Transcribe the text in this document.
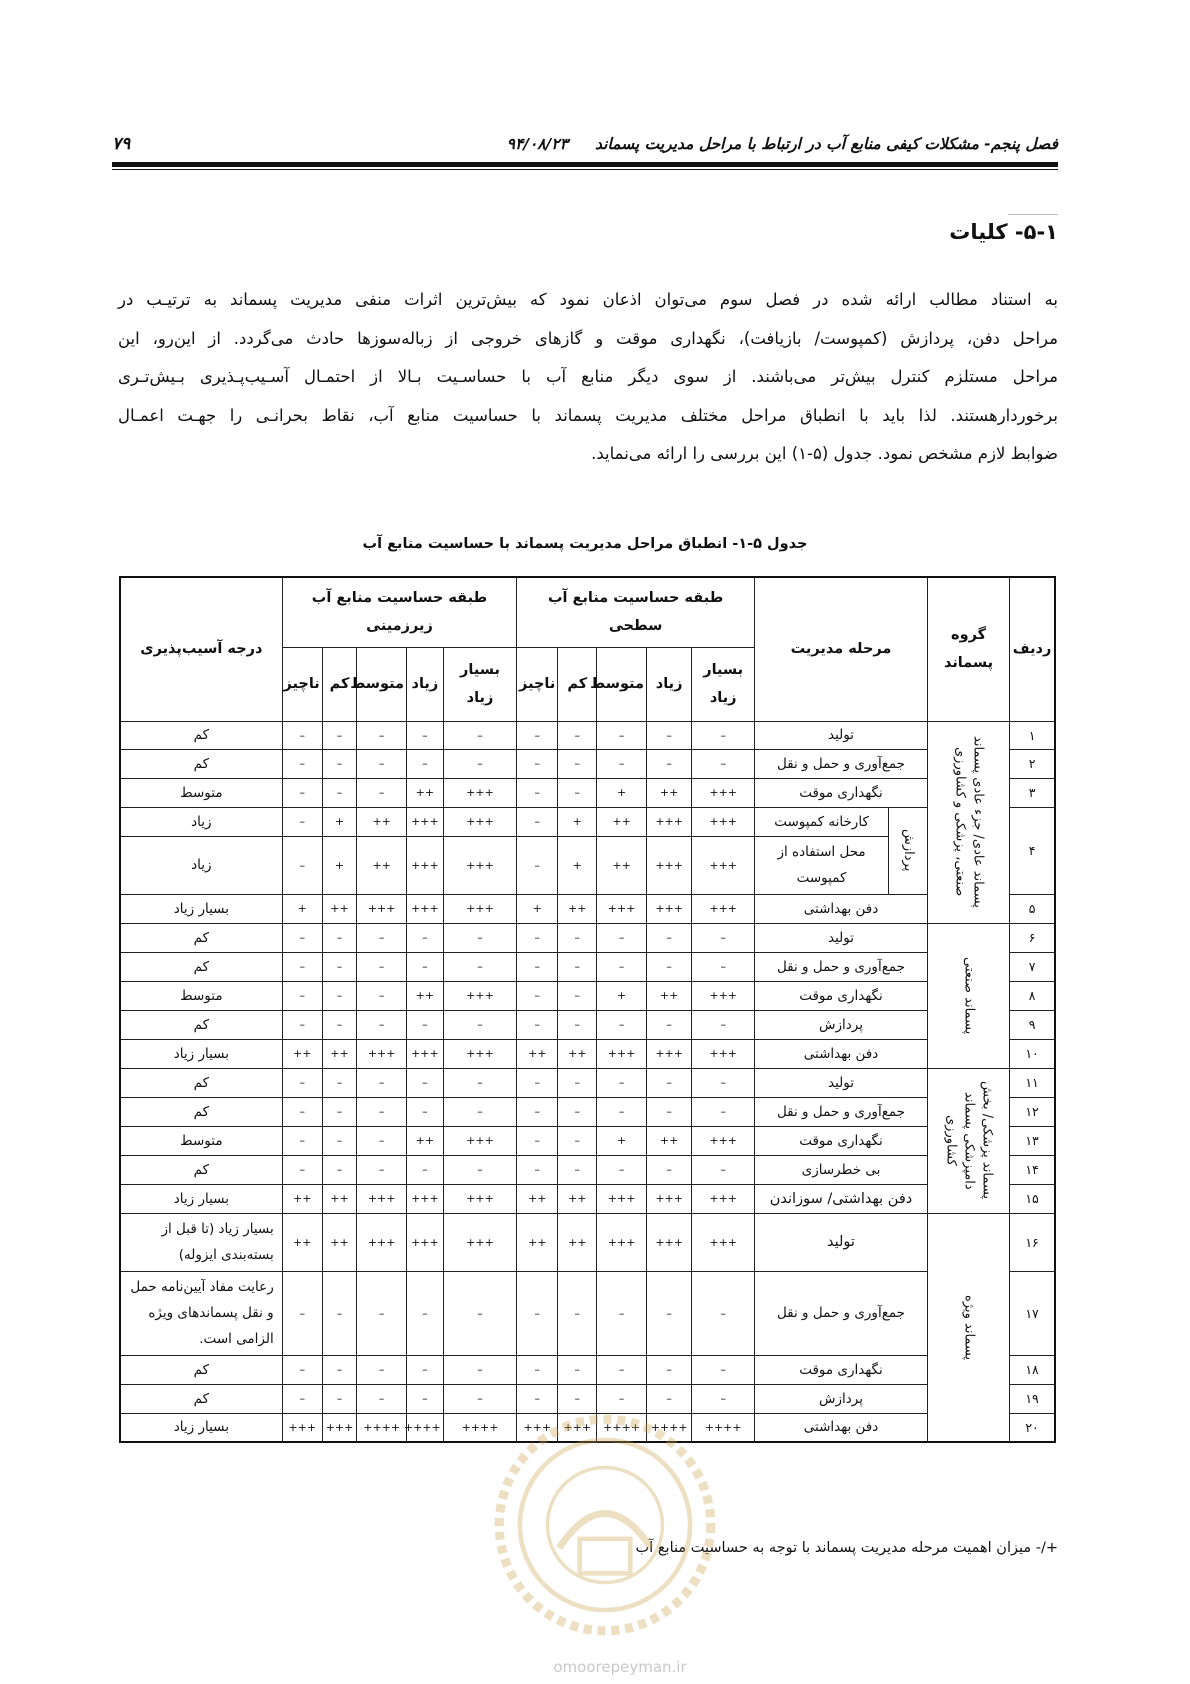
فصل پنجم- مشکلات کیفی منابع آب در ارتباط با مراحل مدیریت پسماند     ۹۴/۰۸/۲۳
۷۹
۵-۱- کلیات
به استناد مطالب ارائه شده در فصل سوم می‌توان اذعان نمود که بیش‌ترین اثرات منفی مدیریت پسماند به ترتیـب در
مراحل دفن، پردازش (کمپوست/ بازیافت)، نگهداری موقت و گازهای خروجی از زباله‌سوزها حادث می‌گردد. از این‌رو، این
مراحل مستلزم کنترل بیش‌تر می‌باشند. از سوی دیگر منابع آب با حساسـیت بـالا از احتمـال آسـیب‌پـذیری بـیش‌تـری
برخوردارهستند. لذا باید با انطباق مراحل مختلف مدیریت پسماند با حساسیت منابع آب، نقاط بحرانـی را جهـت اعمـال
ضوابط لازم مشخص نمود. جدول (۵-۱) این بررسی را ارائه می‌نماید.
جدول ۵-۱- انطباق مراحل مدیریت پسماند با حساسیت منابع آب
ردیف	گروه پسماند	مرحله مدیریت		طبقه حساسیت منابع آب سطحی					طبقه حساسیت منابع آب زیرزمینی					درجه آسیب‌پذیری
				بسیار زیاد	زیاد	متوسط	کم	ناچیز	بسیار زیاد	زیاد	متوسط	کم	ناچیز	
۱	پسماند عادی/ جزء عادی پسماند صنعتی، پزشکی و کشاورزی	تولید		–	–	–	–	–	–	–	–	–	–	کم
۲		جمع‌آوری و حمل و نقل		–	–	–	–	–	–	–	–	–	–	کم
۳		نگهداری موقت		+++	++	+	–	–	+++	++	–	–	–	متوسط
۴		پردازش	کارخانه کمپوست	+++	+++	++	+	–	+++	+++	++	+	–	زیاد
			محل استفاده از کمپوست	+++	+++	++	+	–	+++	+++	++	+	–	زیاد
۵		دفن بهداشتی		+++	+++	+++	++	+	+++	+++	+++	++	+	بسیار زیاد
۶	پسماند صنعتی	تولید		–	–	–	–	–	–	–	–	–	–	کم
۷		جمع‌آوری و حمل و نقل		–	–	–	–	–	–	–	–	–	–	کم
۸		نگهداری موقت		+++	++	+	–	–	+++	++	–	–	–	متوسط
۹		پردازش		–	–	–	–	–	–	–	–	–	–	کم
۱۰		دفن بهداشتی		+++	+++	+++	++	++	+++	+++	+++	++	++	بسیار زیاد
۱۱	پسماند پزشکی/ بخش دامپزشکی پسماند کشاورزی	تولید		–	–	–	–	–	–	–	–	–	–	کم
۱۲		جمع‌آوری و حمل و نقل		–	–	–	–	–	–	–	–	–	–	کم
۱۳		نگهداری موقت		+++	++	+	–	–	+++	++	–	–	–	متوسط
۱۴		بی خطرسازی		–	–	–	–	–	–	–	–	–	–	کم
۱۵		دفن بهداشتی/ سوزاندن		+++	+++	+++	++	++	+++	+++	+++	++	++	بسیار زیاد
۱۶	پسماند ویژه	تولید		+++	+++	+++	++	++	+++	+++	+++	++	++	بسیار زیاد (تا قبل از بسته‌بندی ایزوله)
۱۷		جمع‌آوری و حمل و نقل		–	–	–	–	–	–	–	–	–	–	رعایت مفاد آیین‌نامه حمل و نقل پسماندهای ویژه الزامی است.
۱۸		نگهداری موقت		–	–	–	–	–	–	–	–	–	–	کم
۱۹		پردازش		–	–	–	–	–	–	–	–	–	–	کم
۲۰		دفن بهداشتی		++++	++++	++++	+++	+++	++++	++++	++++	+++	+++	بسیار زیاد
+/- میزان اهمیت مرحله مدیریت پسماند با توجه به حساسیت منابع آب
omoorepeyman.ir
